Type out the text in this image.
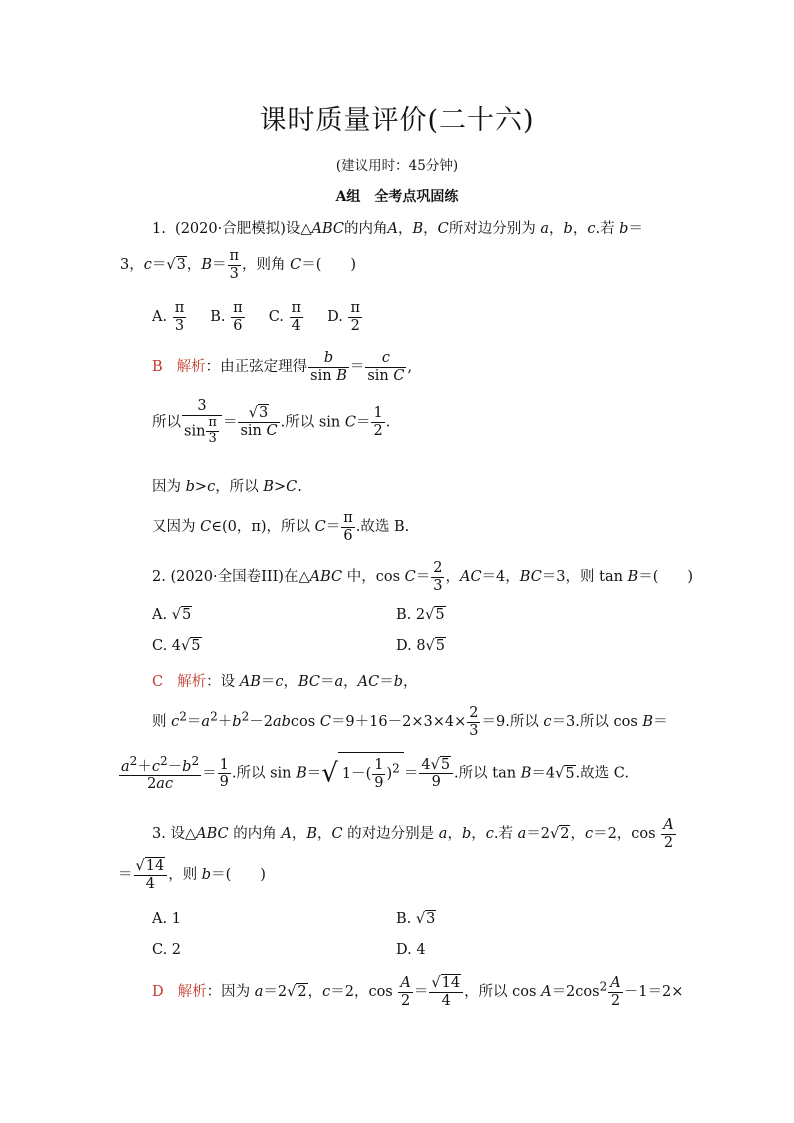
课时质量评价(二十六)
(建议用时：45分钟)
A组　全考点巩固练
1.  (2020·合肥模拟)设△ABC的内角A，B，C所对边分别为 a，b，c.若 b＝
3，c＝√3，$B= \frac{\pi}{3}$ ，则角 C＝(　　)
A. $\frac{\pi}{3} B$. $\frac{\pi}{6} C$. $\frac{\pi}{4} D$. $\frac{\pi}{2}$
B 解析：由正弦定理得 $\frac{b}{\text{sin B}} = \frac{c}{\text{sin C}}$ ,
所以 $\frac{3}{\sin \frac{\pi}{3}} = \frac{√3}{\text{sin C}}$ .所以 $\sin C= \frac{1}{2}$ .
因为 b>c，所以 B>C.
又因为 C∈(0，π)，所以 $C= \frac{\pi}{6}$ .故选 B.
2. (2020·全国卷III)在△ABC 中，$\cos C= \frac{2}{3}$ ，AC＝4，BC＝3，则 tan B＝(　　)
A. √5	B. 2√5
C. 4√5	D. 8√5
C 解析：设 AB＝c，BC＝a，AC＝b，
则 $c^2=a^2+b^2-2abcos$ $C=9+16-2\times 3\times 4\times \frac{2}{3} =9$.所以 c＝3.所以 cos B＝
$\frac{a^2+c^2-b^2}{2ac} = \frac{1}{9}$ .所以 sin B＝√ $1-( \frac{1}{9} )^2 = \frac{4√5}{9}$ .所以 tan B＝4√5.故选 C.
3. 设△ABC 的内角 A，B，C 的对边分别是 a，b，c.若 a＝2√2，c＝2，$\cos \frac{A}{2}$
＝ $\frac{√14}{4}$ ，则 b＝(　　)
A. 1	B. √3
C. 2	D. 4
D 解析：因为 a＝2√2，c＝2，$\cos \frac{A}{2} = \frac{√14}{4}$ ，所以 $\cos A=2\cos^2 \frac{A}{2} -1=2\times$
